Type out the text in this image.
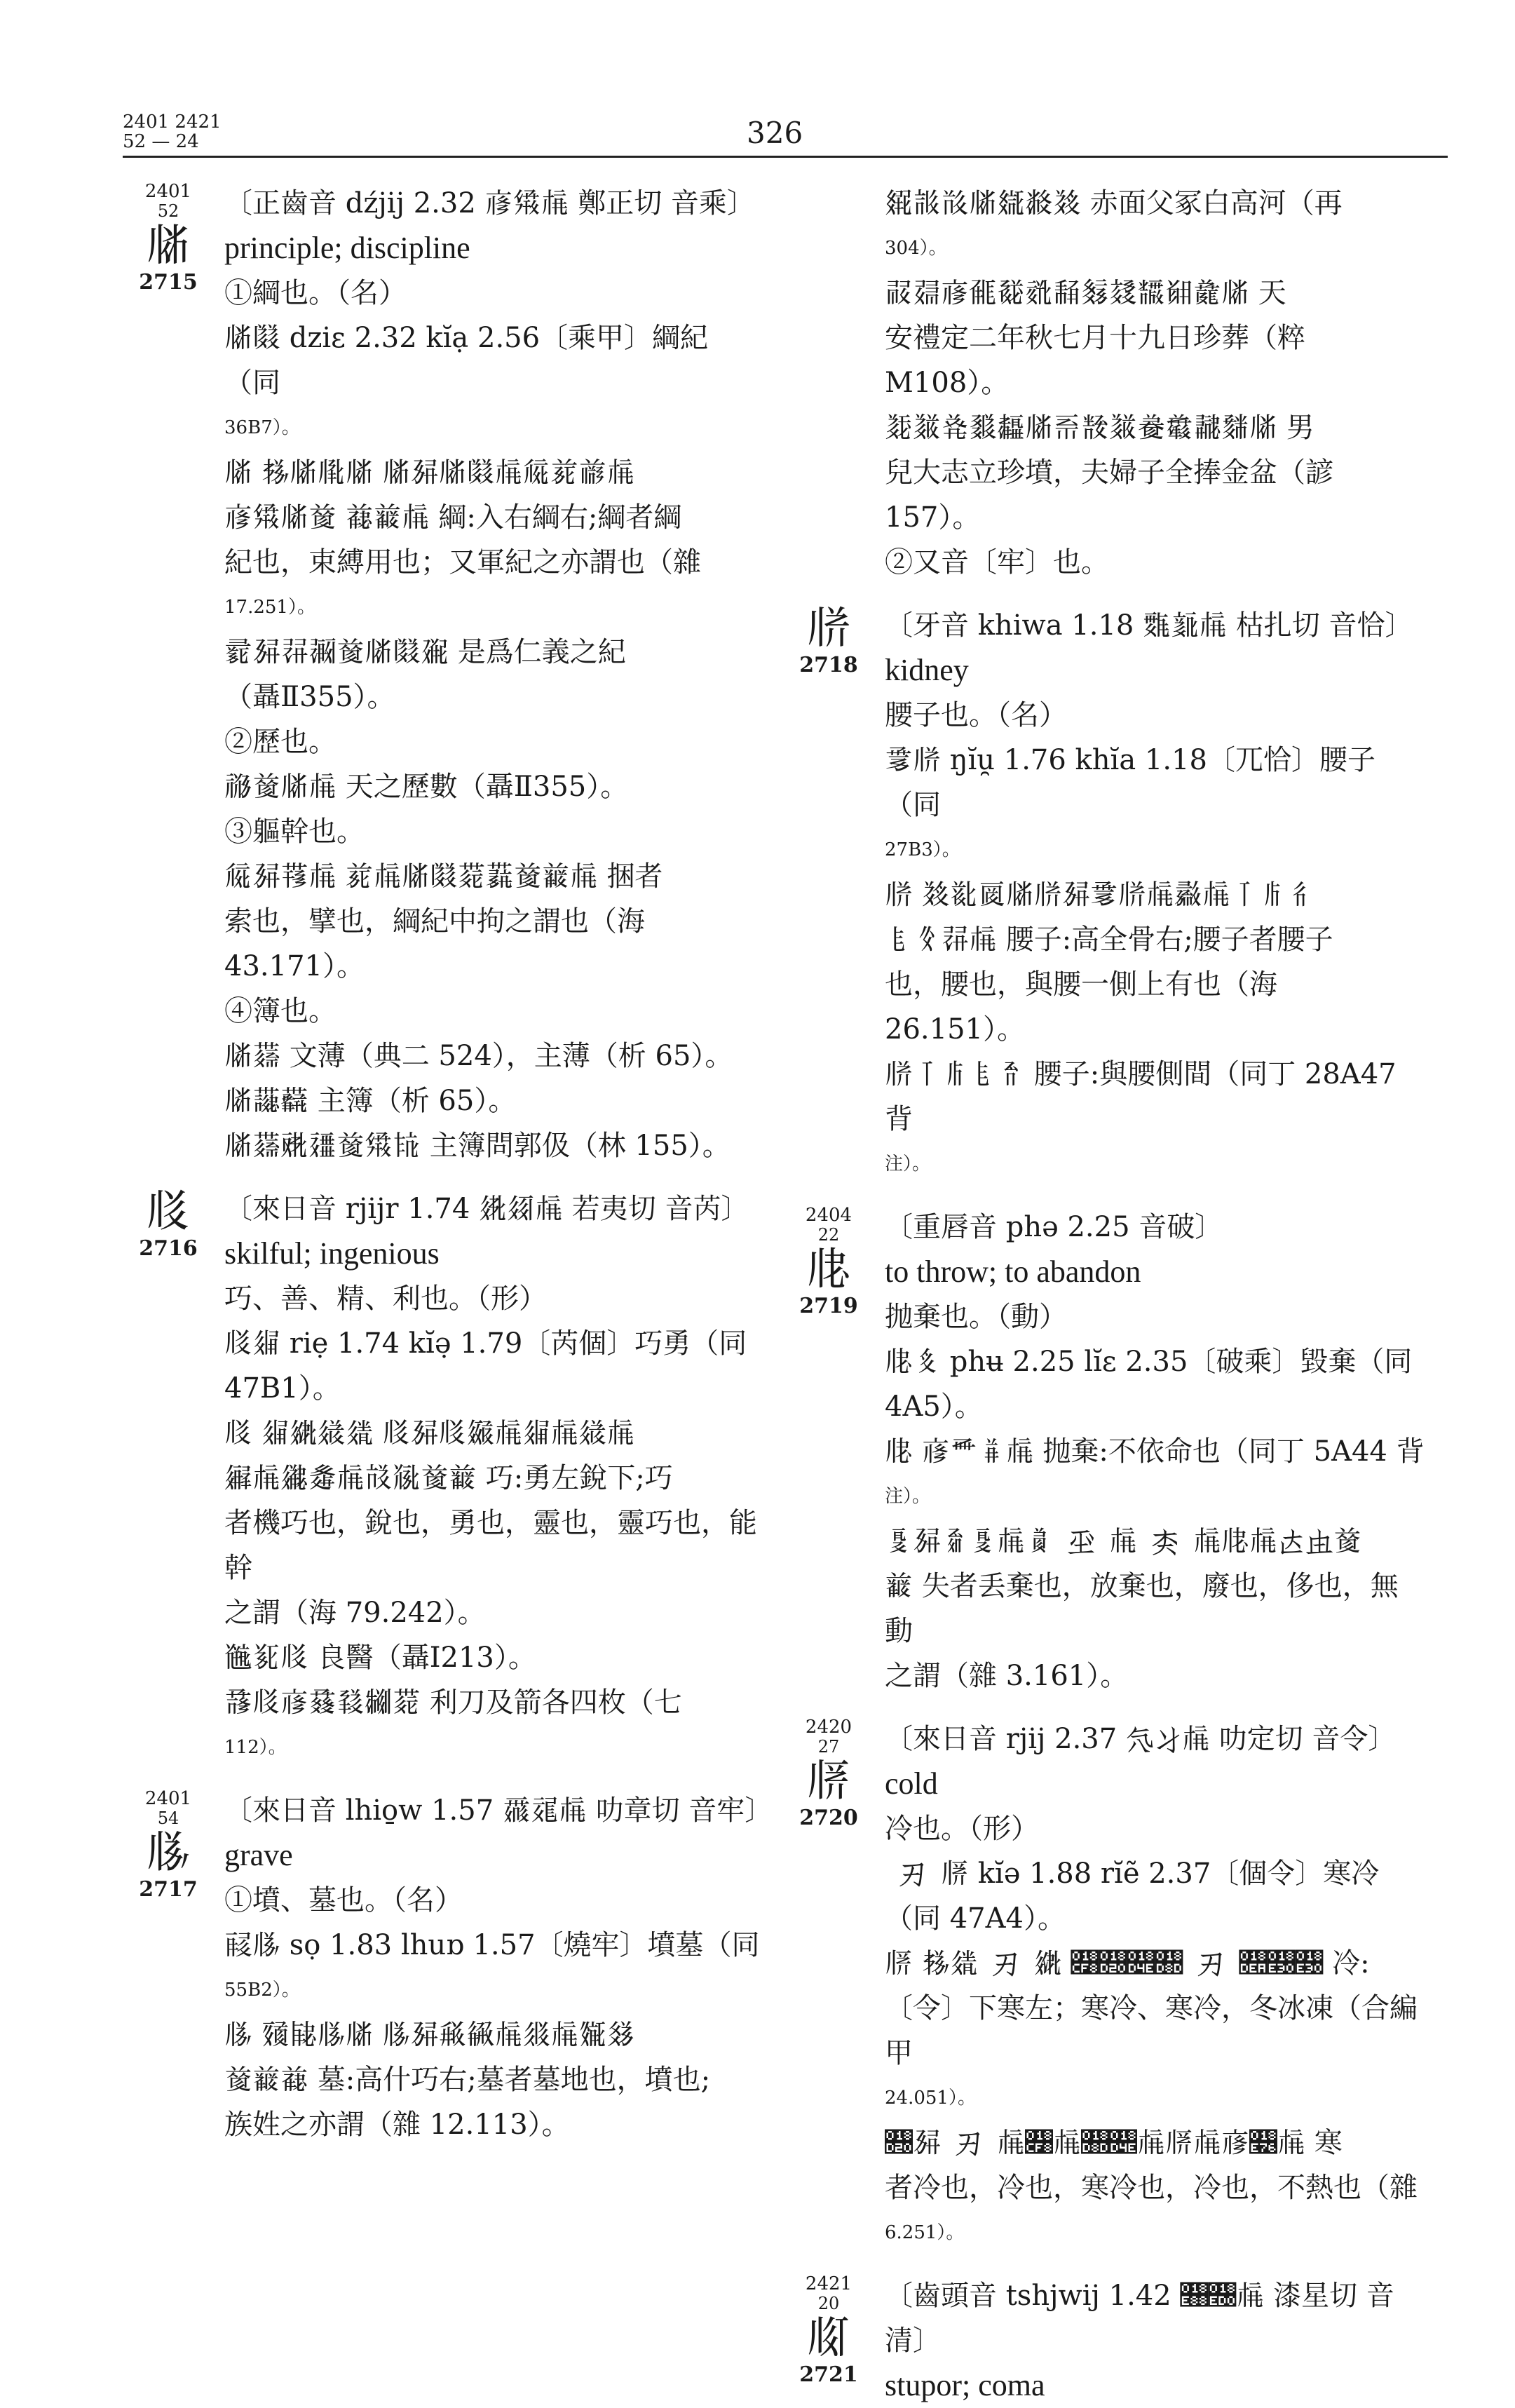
2401 2421
52 — 24	326
2401
52
𗄳
2715

〔正齒音 dźjij 2.32 𗇋𗋽𗍫 鄭正切 音乘〕

principle; discipline

①綱也。（名）

𗄳𗂸 dziɛ 2.32 kĭạ 2.56〔乘甲〕綱紀（同

36B7）。

𗄳 𗈪𗄳𗅃𗄳 𗄳𗉘𗄳𗂸𗍫𗏁𗐱𗑗𗍫

𗇋𗋽𗄳𗒹 𗓈𗔧𗍫 綱:入右綱右;綱者綱

紀也，束縛用也；又軍紀之亦謂也（雜

17.251）。

𗕗𗉘𗖈𗗀𗒹𗄳𗂸𗘂 是爲仁義之紀

（聶Ⅱ355）。

②歷也。

𗙂𗒹𗄳𗍫 天之歷數（聶Ⅱ355）。

③軀幹也。

𗏁𗉘𗚈𗍫 𗐱𗍫𗄳𗂸𗛈𗜇𗒹𗔧𗍫 捆者

索也，擘也，綱紀中拘之謂也（海 43.171）。

④簿也。

𗄳𗝟 文薄（典二 524），主薄（析 65）。

𗄳𗞝𗟓 主簿（析 65）。

𗄳𗝟𗠌𗡸𗒹𗋽𗢊 主簿問郭伋（林 155）。

𗄴
2716

〔來日音 rjijr 1.74 𗣈𗤆𗍫 若夷切 音芮〕

skilful; ingenious

巧、善、精、利也。（形）

𗄴𗥗 riẹ 1.74 kĭə̣ 1.79〔芮個〕巧勇（同 47B1）。

𗄴 𗥗𗦅𗧊𗨇 𗄴𗉘𗄴𗩏𗍫𗥗𗍫𗧊𗍫

𗪖𗍫𗫌𗬍𗍫𗭊𗮀𗒹𗔧 巧:勇左銳下;巧

者機巧也，銳也，勇也，靈也，靈巧也，能幹

之謂（海 79.242）。

𗯍𗰆𗄴 良醫（聶Ⅰ213）。

𗱛𗄴𗇋𗲢𗳸𗴠𗛈 利刀及箭各四枚（七

112）。

2401
54
𗄵
2717

〔來日音 lhio̱w 1.57 𗵎𗶍𗍫 叻章切 音牢〕

grave

①墳、墓也。（名）

𗷪𗄵 sọ 1.83 lhuɒ 1.57〔燒牢〕墳墓（同

55B2）。

𗄵 𗸰𗹶𗄵𗄳 𗄵𗉘𗺈𗻐𗍫𗼎𗍫𗽥𗾌

𗒹𗔧𗓈 墓:高什巧右;墓者墓地也，墳也;

族姓之亦謂（雜 12.113）。

𗿜𘀇𘁘𗄳𗿀𘂕𘃒 赤面父冢白高河（再

304）。

𘄫𘅔𗇋𘆰𘇡𘈗𘉢𘊐𘋊𘌞𘍟𘎏𗄳 天

安禮定二年秋七月十九日珍葬（粹 M108）。

𘏂𘐊𘑗𘒹𘓈𗄳𘔧𘕗𘐊𘖈𘗀𘘂𘙂𗄳 男

兒大志立珍墳，夫婦子全捧金盆（諺 157）。

②又音〔牢〕也。

𗄶
2718

〔牙音 khiwa 1.18 𘚈𘛈𗍫 枯扎切 音恰〕

kidney

腰子也。（名）

𘜇𗄶 ŋĭu̯ 1.76 khĭa 1.18〔兀恰〕腰子（同

27B3）。

𗄶 𘃒𘝟𘞝𗄳𗄶𗉘𘜇𗄶𗍫𘟓𗍫𘠌𘡸𘢊

𘣈𘤆𗖈𗍫 腰子:高全骨右;腰子者腰子

也，腰也，與腰一側上有也（海 26.151）。

𗄶𘠌𘡸𘣈𘥗 腰子:與腰側間（同丁 28A47 背

注）。

2404
22
𗄷
2719

〔重唇音 phə 2.25 音破〕

to throw; to abandon

抛棄也。（動）

𗄷𘦅 phʉ 2.25 lĭɛ 2.35〔破乘〕毀棄（同 4A5）。

𗄷 𗇋𘧊𘨇𗍫 抛棄:不依命也（同丁 5A44 背

注）。

𘩏𗉘𘪖𘩏𗍫𘫌𘬍𗍫𘭊𗍫𗄷𗍫𘮀𘯍𗒹

𗔧 失者丢棄也，放棄也，廢也，侈也，無動

之謂（雜 3.161）。

2420
27
𗄸
2720

〔來日音 rjij 2.37 𘰆𘱛𗍫 叻定切 音令〕

cold

冷也。（形）

𘲢𗄸 kĭə 1.88 rĭẽ 2.37〔個令〕寒冷（同 47A4）。

𗄸 𗈪𗨇𘲢𗦅 𘳸𘴠𘵎𘶍𘲢𘷪𘸰𘸰 冷:

〔令〕下寒左；寒冷、寒冷，冬冰凍（合編甲

24.051）。

𘴠𗉘𘲢𗍫𘳸𗍫𘶍𘵎𗍫𗄸𗍫𗇋𘹶𗍫 寒

者冷也，冷也，寒冷也，冷也，不熱也（雜

6.251）。

2421
20
𗄹
2721

〔齒頭音 tshjwij 1.42 𘺈𘻐𗍫 漆星切 音清〕

stupor; coma
